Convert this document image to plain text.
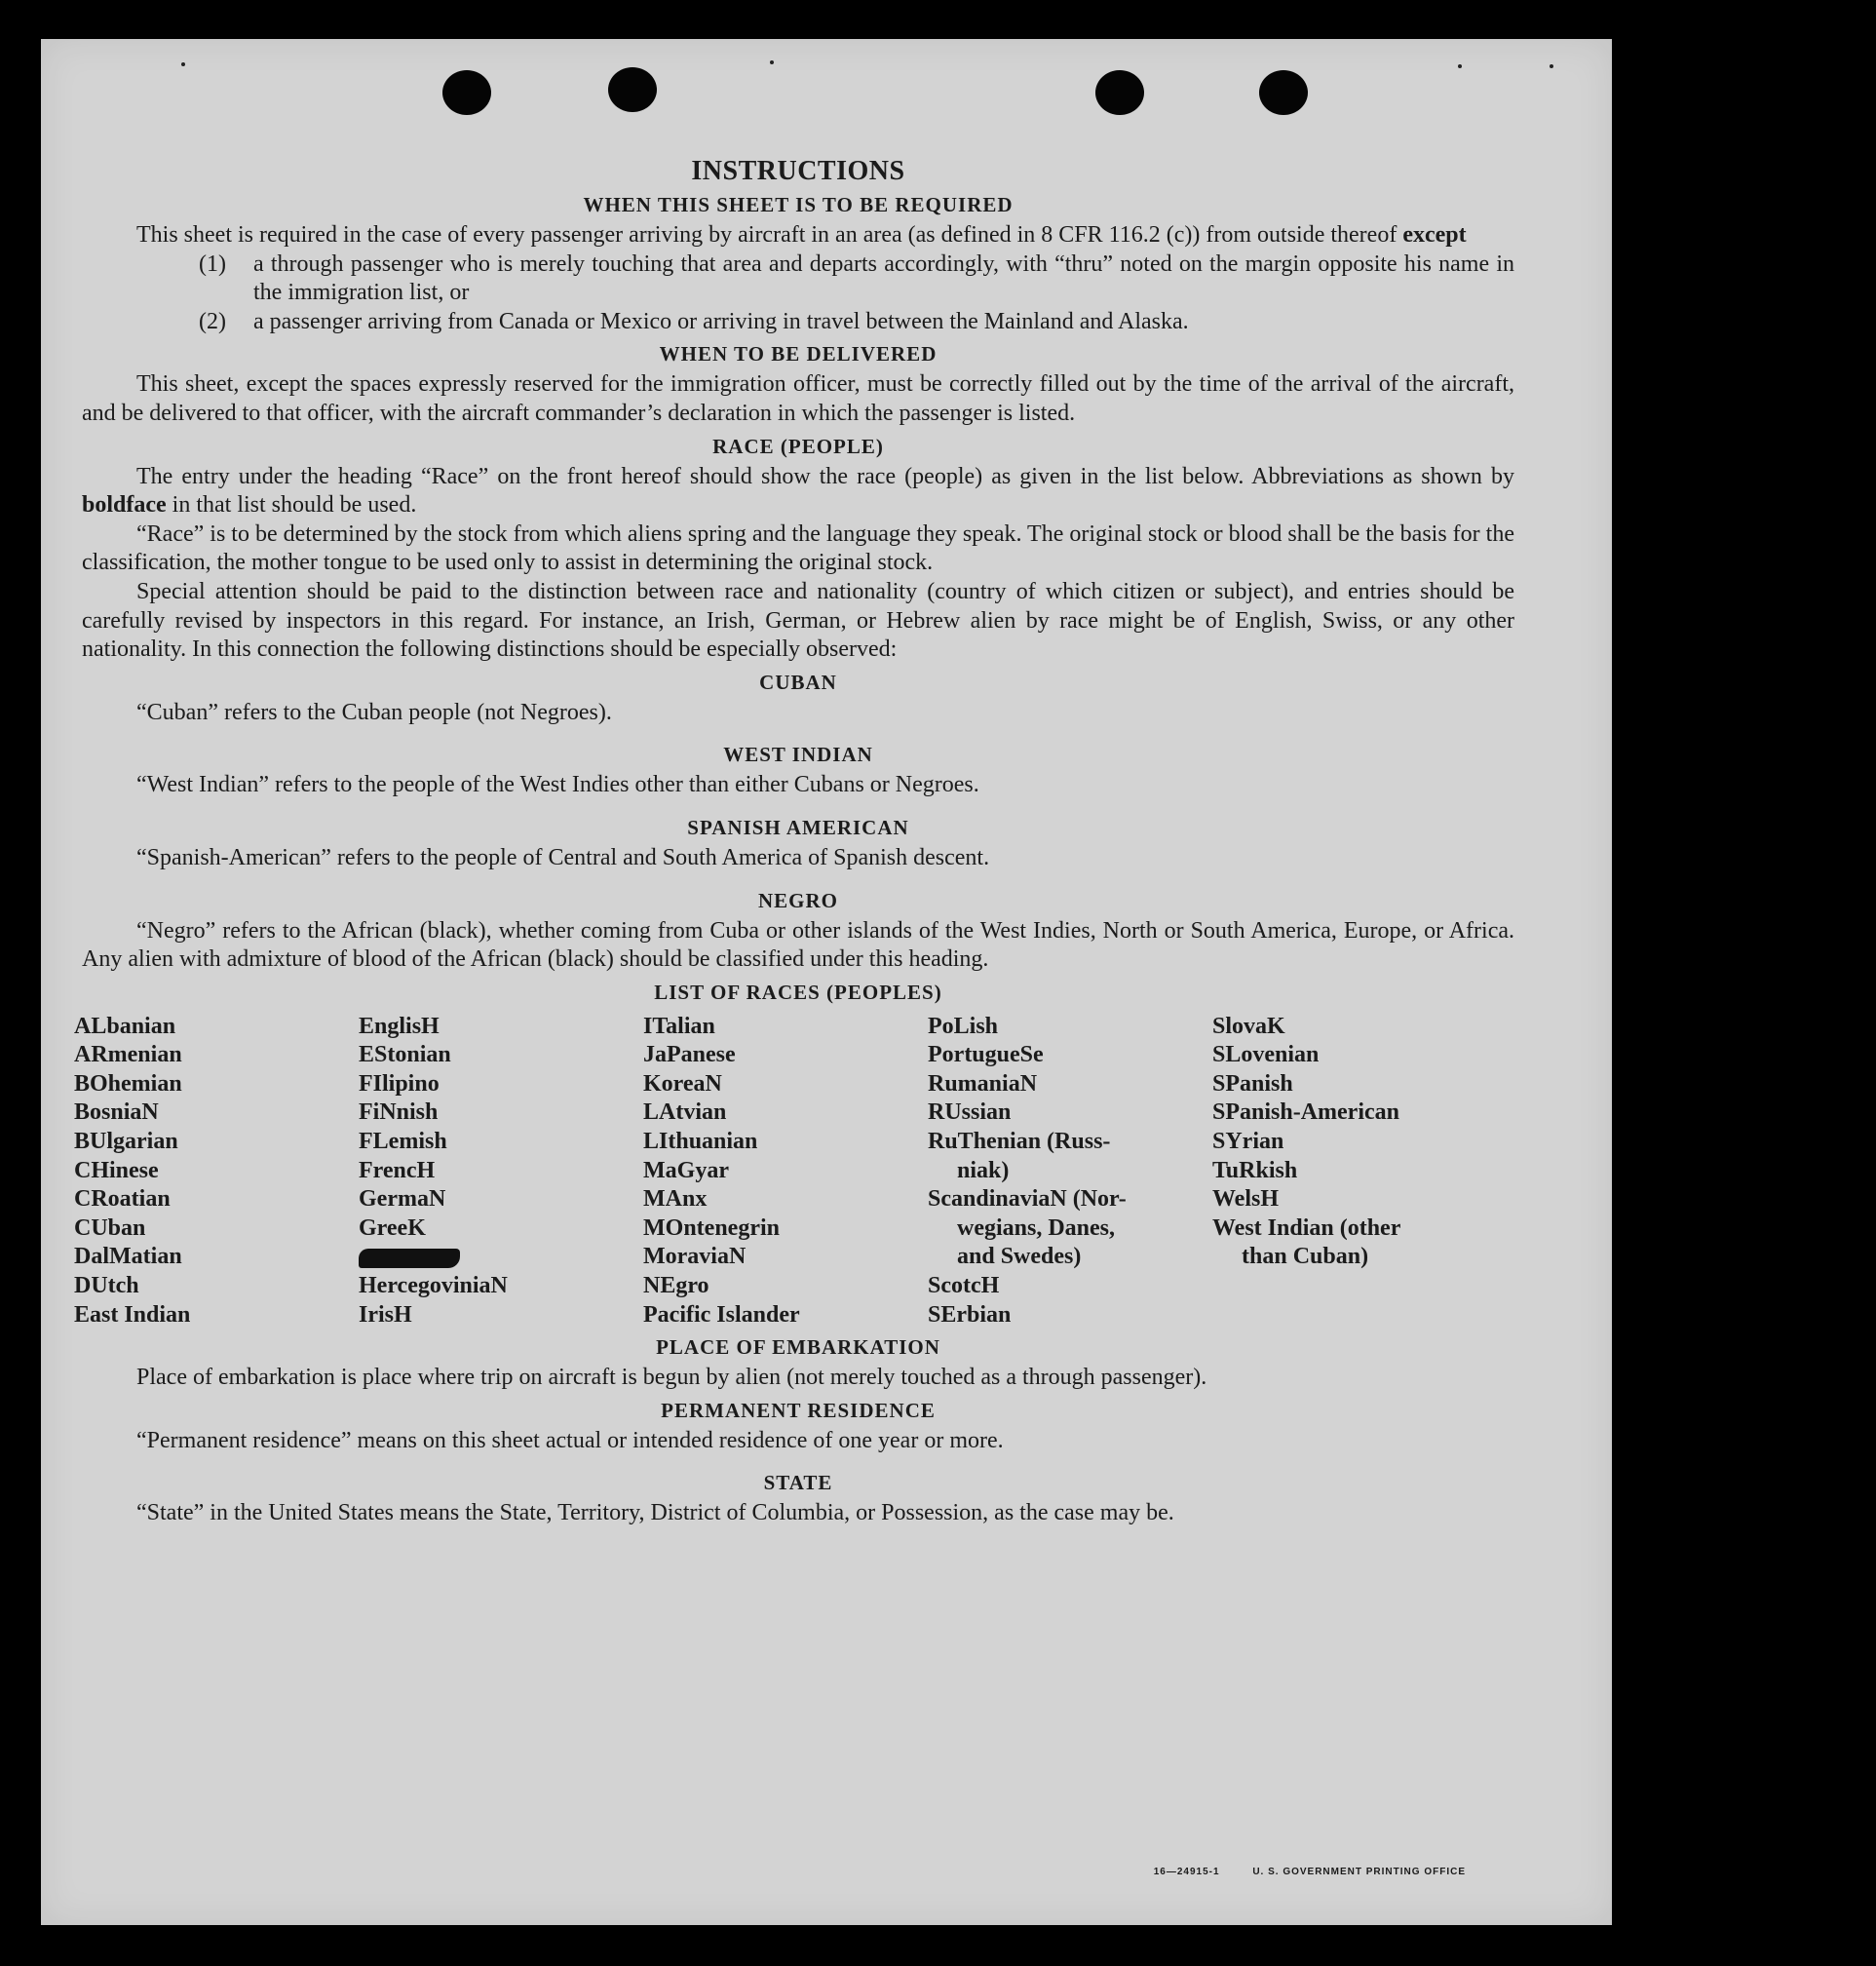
INSTRUCTIONS
WHEN THIS SHEET IS TO BE REQUIRED

This sheet is required in the case of every passenger arriving by aircraft in an area (as defined in 8 CFR 116.2 (c)) from outside thereof except

(1)	a through passenger who is merely touching that area and departs accordingly, with “thru” noted on the margin opposite his name in the immigration list, or
(2)	a passenger arriving from Canada or Mexico or arriving in travel between the Mainland and Alaska.
WHEN TO BE DELIVERED

This sheet, except the spaces expressly reserved for the immigration officer, must be correctly filled out by the time of the arrival of the aircraft, and be delivered to that officer, with the aircraft commander’s declaration in which the passenger is listed.

RACE (PEOPLE)

The entry under the heading “Race” on the front hereof should show the race (people) as given in the list below. Abbreviations as shown by boldface in that list should be used.

“Race” is to be determined by the stock from which aliens spring and the language they speak. The original stock or blood shall be the basis for the classification, the mother tongue to be used only to assist in determining the original stock.

Special attention should be paid to the distinction between race and nationality (country of which citizen or subject), and entries should be carefully revised by inspectors in this regard. For instance, an Irish, German, or Hebrew alien by race might be of English, Swiss, or any other nationality. In this connection the following distinctions should be especially observed:

CUBAN

“Cuban” refers to the Cuban people (not Negroes).

WEST INDIAN

“West Indian” refers to the people of the West Indies other than either Cubans or Negroes.

SPANISH AMERICAN

“Spanish-American” refers to the people of Central and South America of Spanish descent.

NEGRO

“Negro” refers to the African (black), whether coming from Cuba or other islands of the West Indies, North or South America, Europe, or Africa. Any alien with admixture of blood of the African (black) should be classified under this heading.

LIST OF RACES (PEOPLES)
ALbanian
ARmenian
BOhemian
BosniaN
BUlgarian
CHinese
CRoatian
CUban
DalMatian
DUtch
East Indian
EnglisH
EStonian
FIlipino
FiNnish
FLemish
FrencH
GermaN
GreeK
HercegoviniaN
IrisH
ITalian
JaPanese
KoreaN
LAtvian
LIthuanian
MaGyar
MAnx
MOntenegrin
MoraviaN
NEgro
Pacific Islander
PoLish
PortugueSe
RumaniaN
RUssian
RuThenian (Russ-
niak)
ScandinaviaN (Nor-
wegians, Danes,
and Swedes)
ScotcH
SErbian
SlovaK
SLovenian
SPanish
SPanish-American
SYrian
TuRkish
WelsH
West Indian (other
than Cuban)
PLACE OF EMBARKATION

Place of embarkation is place where trip on aircraft is begun by alien (not merely touched as a through passenger).

PERMANENT RESIDENCE

“Permanent residence” means on this sheet actual or intended residence of one year or more.

STATE

“State” in the United States means the State, Territory, District of Columbia, or Possession, as the case may be.

16—24915-1	U. S. GOVERNMENT PRINTING OFFICE
